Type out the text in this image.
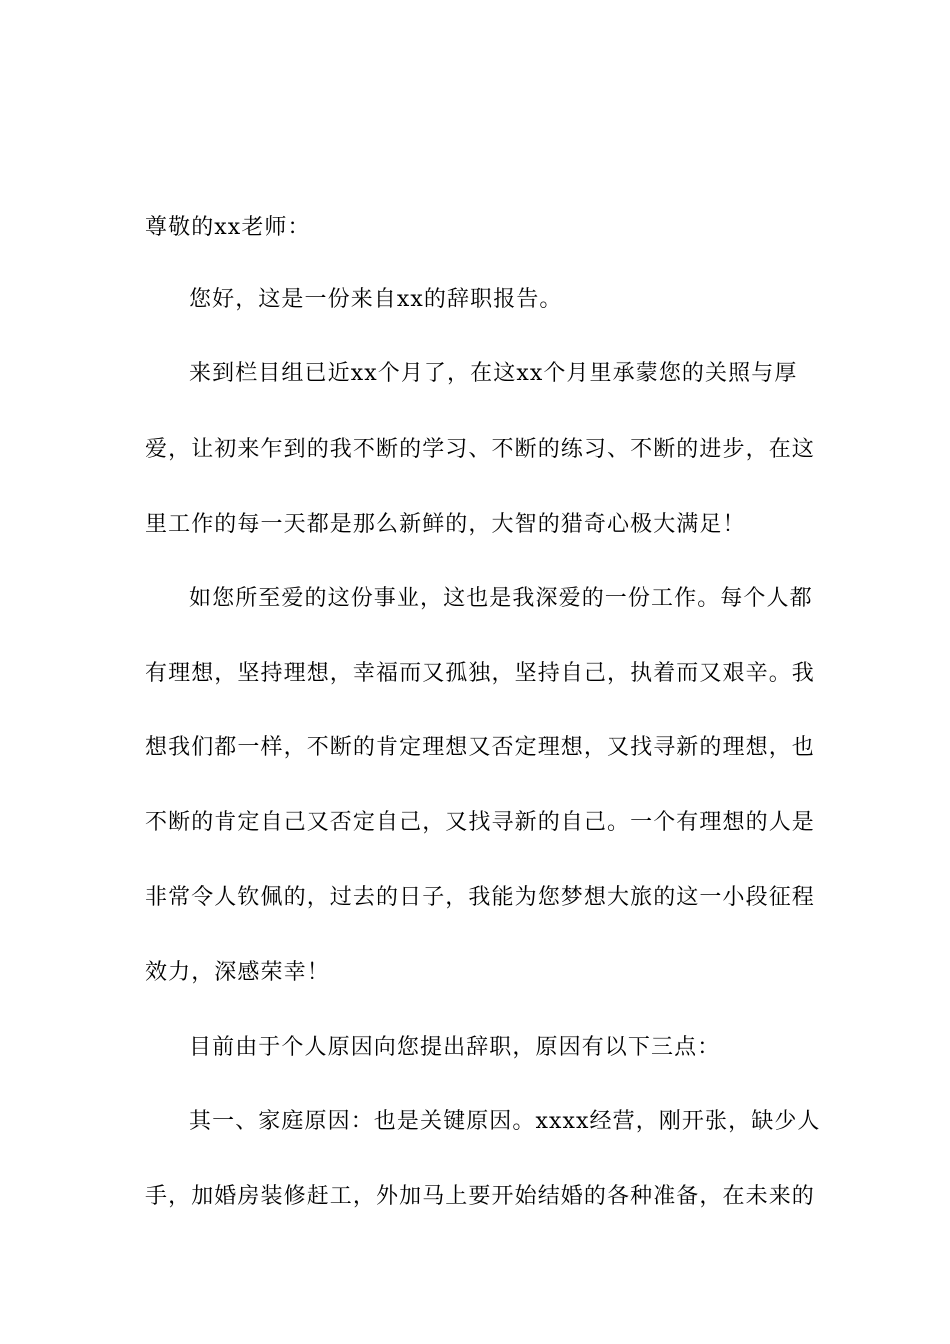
尊敬的xx老师：
您好，这是一份来自xx的辞职报告。
来到栏目组已近xx个月了，在这xx个月里承蒙您的关照与厚
爱，让初来乍到的我不断的学习、不断的练习、不断的进步，在这
里工作的每一天都是那么新鲜的，大智的猎奇心极大满足！
如您所至爱的这份事业，这也是我深爱的一份工作。每个人都
有理想，坚持理想，幸福而又孤独，坚持自己，执着而又艰辛。我
想我们都一样，不断的肯定理想又否定理想，又找寻新的理想，也
不断的肯定自己又否定自己，又找寻新的自己。一个有理想的人是
非常令人钦佩的，过去的日子，我能为您梦想大旅的这一小段征程
效力，深感荣幸！
目前由于个人原因向您提出辞职，原因有以下三点：
其一、家庭原因：也是关键原因。xxxx经营，刚开张，缺少人
手，加婚房装修赶工，外加马上要开始结婚的各种准备，在未来的
